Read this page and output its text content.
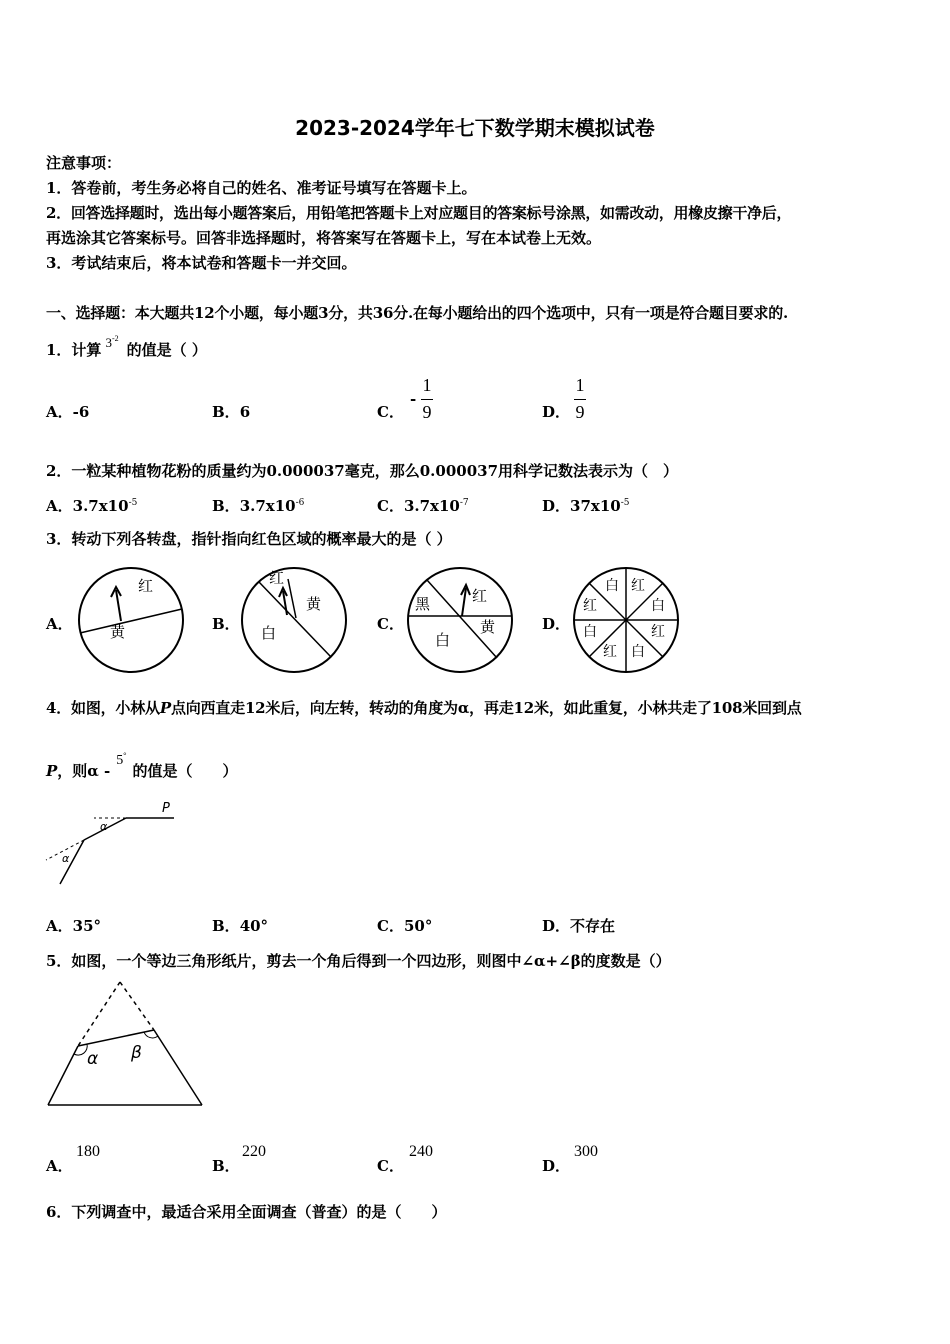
2023-2024学年七下数学期末模拟试卷
注意事项：
1．答卷前，考生务必将自己的姓名、准考证号填写在答题卡上。
2．回答选择题时，选出每小题答案后，用铅笔把答题卡上对应题目的答案标号涂黑，如需改动，用橡皮擦干净后，
再选涂其它答案标号。回答非选择题时，将答案写在答题卡上，写在本试卷上无效。
3．考试结束后，将本试卷和答题卡一并交回。
一、选择题：本大题共12个小题，每小题3分，共36分.在每小题给出的四个选项中，只有一项是符合题目要求的.
1．计算 $3^{-2}$的值是（ ）
A．-6	B．6	C．
-
1
9	D．
1
9
2．一粒某种植物花粉的质量约为0.000037毫克，那么0.000037用科学记数法表示为（　）
A．$3.7x10^{-5}$	B．$3.7x10^{-6}$	C．$3.7x10^{-7}$	D．$37x10^{-5}$
3．转动下列各转盘，指针指向红色区域的概率最大的是（ ）
A．	B．	C．	D．
红
黄
红
黄
白
黑	红
黄
白
白 红
白
红
白
红
白
红
4．如图，小林从P点向西直走12米后，向左转，转动的角度为α，再走12米，如此重复，小林共走了108米回到点
P，则α -5°的值是（　　）
P
α
α
A．35°	B．40°	C．50°	D．不存在
5．如图，一个等边三角形纸片，剪去一个角后得到一个四边形，则图中∠α+∠β的度数是（）
α β
A．
180
B．
220
C．
240
D．
300
6．下列调查中，最适合采用全面调查（普查）的是（　　）
